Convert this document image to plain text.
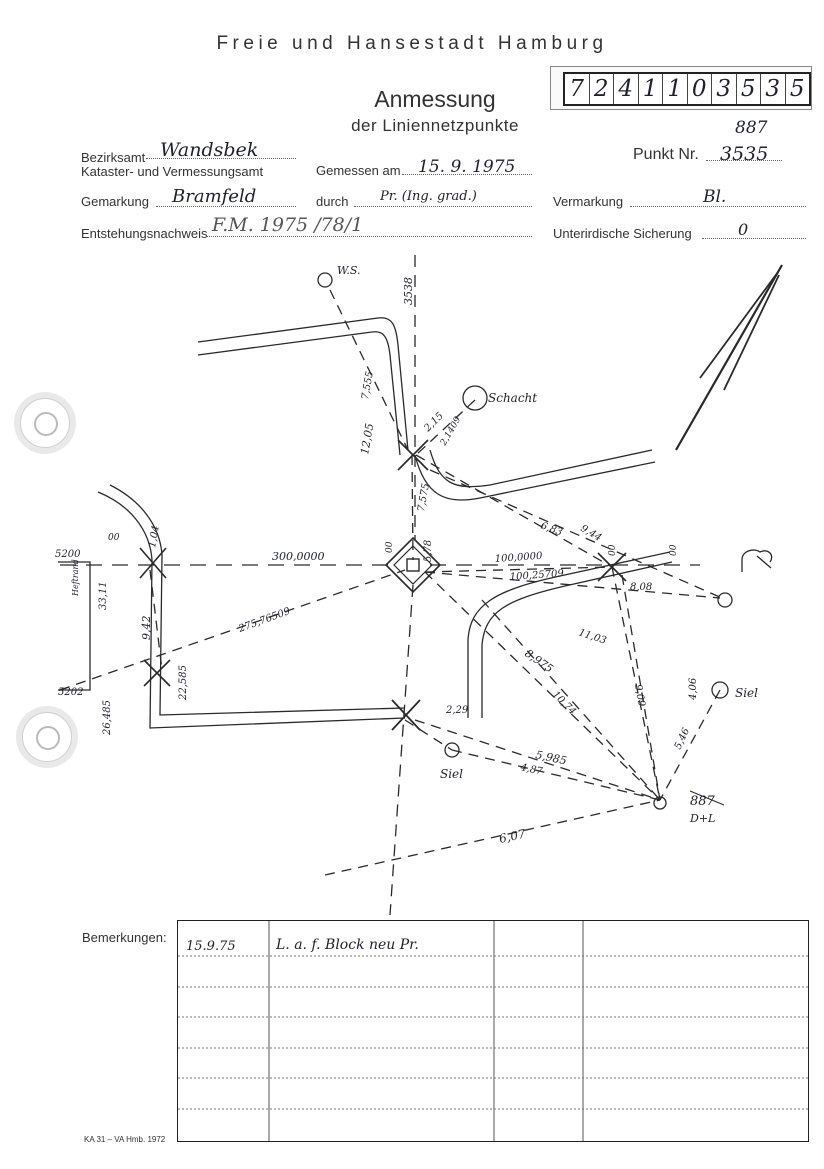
Freie und Hansestadt Hamburg
7 2 4 1 1 0 3 5 3 5
Anmessung
der Liniennetzpunkte	887
Bezirksamt Wandsbek
Kataster- und Vermessungsamt	Gemessen am 15. 9. 1975
Punkt Nr. 3535
Gemarkung Bramfeld	durch Pr. (Ing. grad.)	Vermarkung	Bl.
Entstehungsnachweis F.M. 1975 /78/1	Unterirdische Sicherung	0
W.S.
Schacht
Siel
Siel
887
D+L
Heftrand
3538
300,0000	100,0000
100,25709
275,76509
12,05
7,555
2,15
2,1409
7,575
5,78
6,83 9,44
8,08
11,03
8,975
10,74	9,09	4,06
5,46
5,985
4,87
6,07
2,29
1,04
9,42
22,585
33,11
26,485
5200
5202
00
00	00	00
Bemerkungen:
15.9.75	L. a. f. Block neu Pr.
KA 31 – VA Hmb. 1972
